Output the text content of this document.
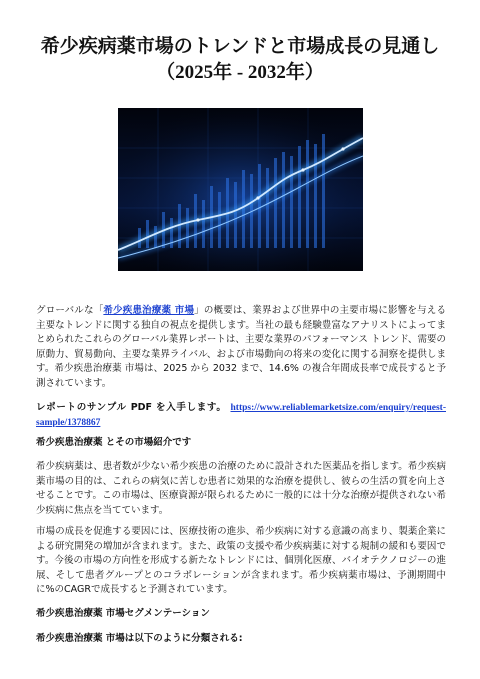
希少疾病薬市場のトレンドと市場成長の見通し
（2025年 - 2032年）

グローバルな「希少疾患治療薬 市場」の概要は、業界および世界中の主要市場に影響を与える主要なトレンドに関する独自の視点を提供します。当社の最も経験豊富なアナリストによってまとめられたこれらのグローバル業界レポートは、主要な業界のパフォーマンス トレンド、需要の原動力、貿易動向、主要な業界ライバル、および市場動向の将来の変化に関する洞察を提供します。希少疾患治療薬 市場は、2025 から 2032 まで、14.6% の複合年間成長率で成長すると予測されています。

レポートのサンプル PDF を入手します。 https://www.reliablemarketsize.com/enquiry/request-sample/1378867

希少疾患治療薬 とその市場紹介です

希少疾病薬は、患者数が少ない希少疾患の治療のために設計された医薬品を指します。希少疾病薬市場の目的は、これらの病気に苦しむ患者に効果的な治療を提供し、彼らの生活の質を向上させることです。この市場は、医療資源が限られるために一般的には十分な治療が提供されない希少疾病に焦点を当てています。

市場の成長を促進する要因には、医療技術の進歩、希少疾病に対する意識の高まり、製薬企業による研究開発の増加が含まれます。また、政策の支援や希少疾病薬に対する規制の緩和も要因です。今後の市場の方向性を形成する新たなトレンドには、個別化医療、バイオテクノロジーの進展、そして患者グループとのコラボレーションが含まれます。希少疾病薬市場は、予測期間中に%のCAGRで成長すると予測されています。

希少疾患治療薬 市場セグメンテーション

希少疾患治療薬 市場は以下のように分類される:
